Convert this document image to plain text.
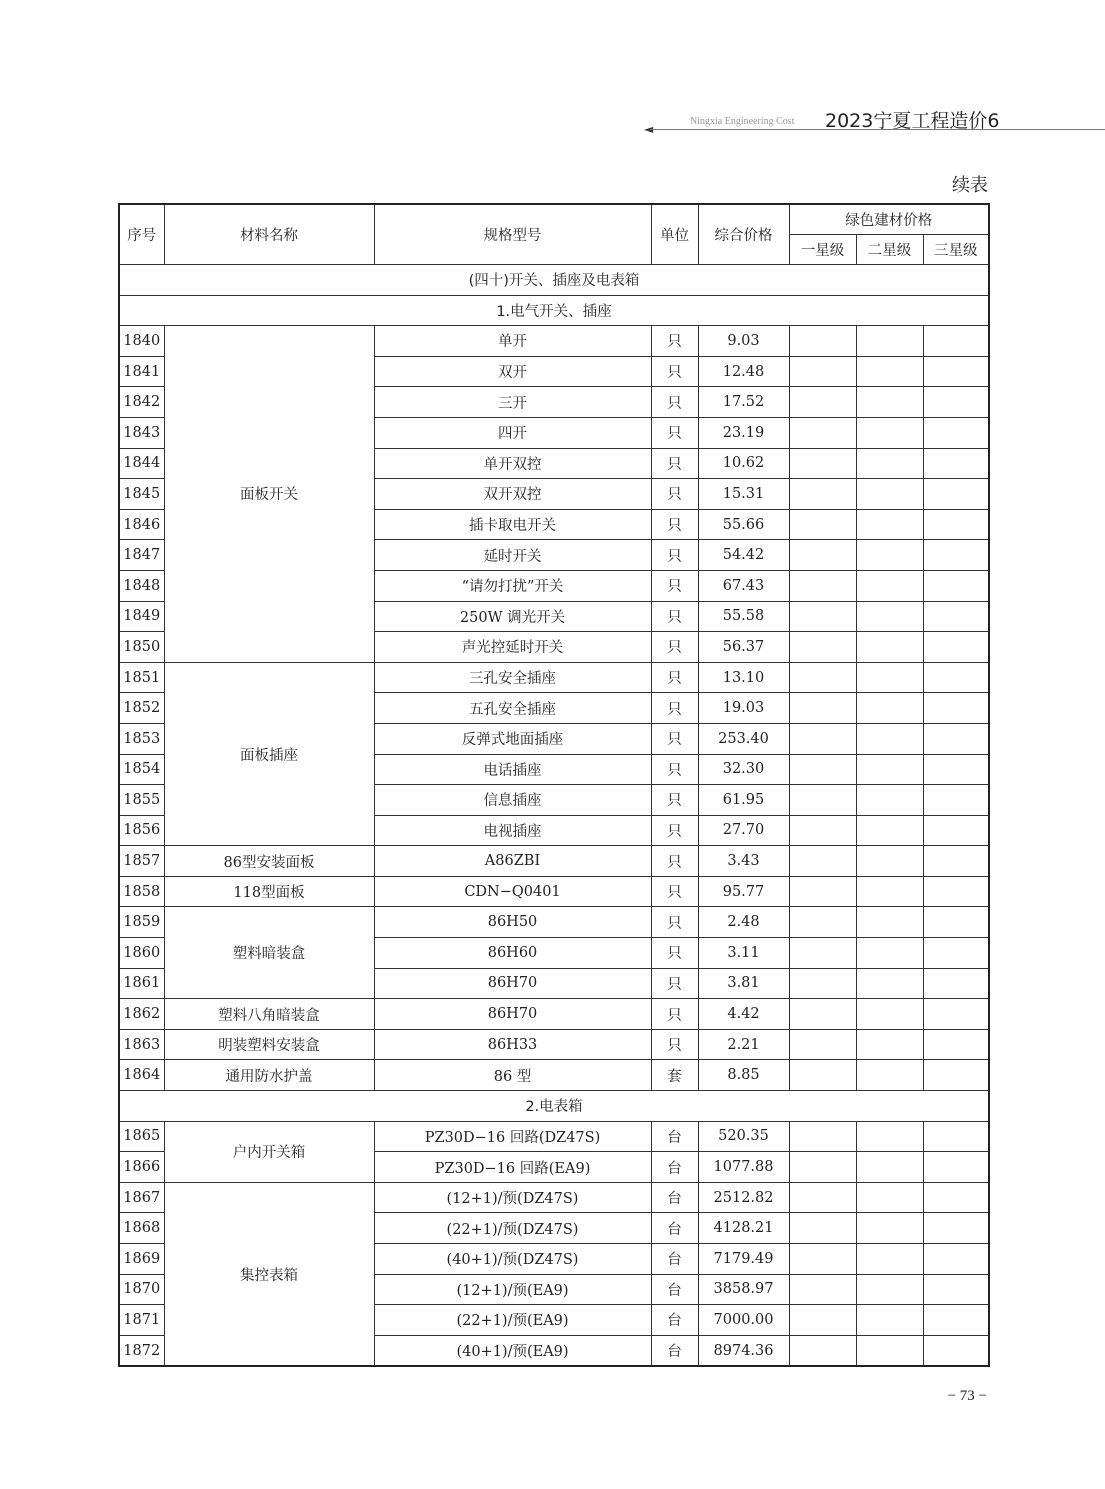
◄
Ningxia Engineering Cost 2023宁夏工程造价6
续表
序号	材料名称	规格型号	单位	综合价格	绿色建材价格		
					一星级	二星级	三星级
(四十)开关、插座及电表箱							
1.电气开关、插座							
1840	面板开关	单开	只	9.03			
1841		双开	只	12.48			
1842		三开	只	17.52			
1843		四开	只	23.19			
1844		单开双控	只	10.62			
1845		双开双控	只	15.31			
1846		插卡取电开关	只	55.66			
1847		延时开关	只	54.42			
1848		“请勿打扰”开关	只	67.43			
1849		250W 调光开关	只	55.58			
1850		声光控延时开关	只	56.37			
1851	面板插座	三孔安全插座	只	13.10			
1852		五孔安全插座	只	19.03			
1853		反弹式地面插座	只	253.40			
1854		电话插座	只	32.30			
1855		信息插座	只	61.95			
1856		电视插座	只	27.70			
1857	86型安装面板	A86ZBI	只	3.43			
1858	118型面板	CDN−Q0401	只	95.77			
1859	塑料暗装盒	86H50	只	2.48			
1860		86H60	只	3.11			
1861		86H70	只	3.81			
1862	塑料八角暗装盒	86H70	只	4.42			
1863	明装塑料安装盒	86H33	只	2.21			
1864	通用防水护盖	86 型	套	8.85			
2.电表箱							
1865	户内开关箱	PZ30D−16 回路(DZ47S)	台	520.35			
1866		PZ30D−16 回路(EA9)	台	1077.88			
1867	集控表箱	(12+1)/预(DZ47S)	台	2512.82			
1868		(22+1)/预(DZ47S)	台	4128.21			
1869		(40+1)/预(DZ47S)	台	7179.49			
1870		(12+1)/预(EA9)	台	3858.97			
1871		(22+1)/预(EA9)	台	7000.00			
1872		(40+1)/预(EA9)	台	8974.36			
− 73 −
